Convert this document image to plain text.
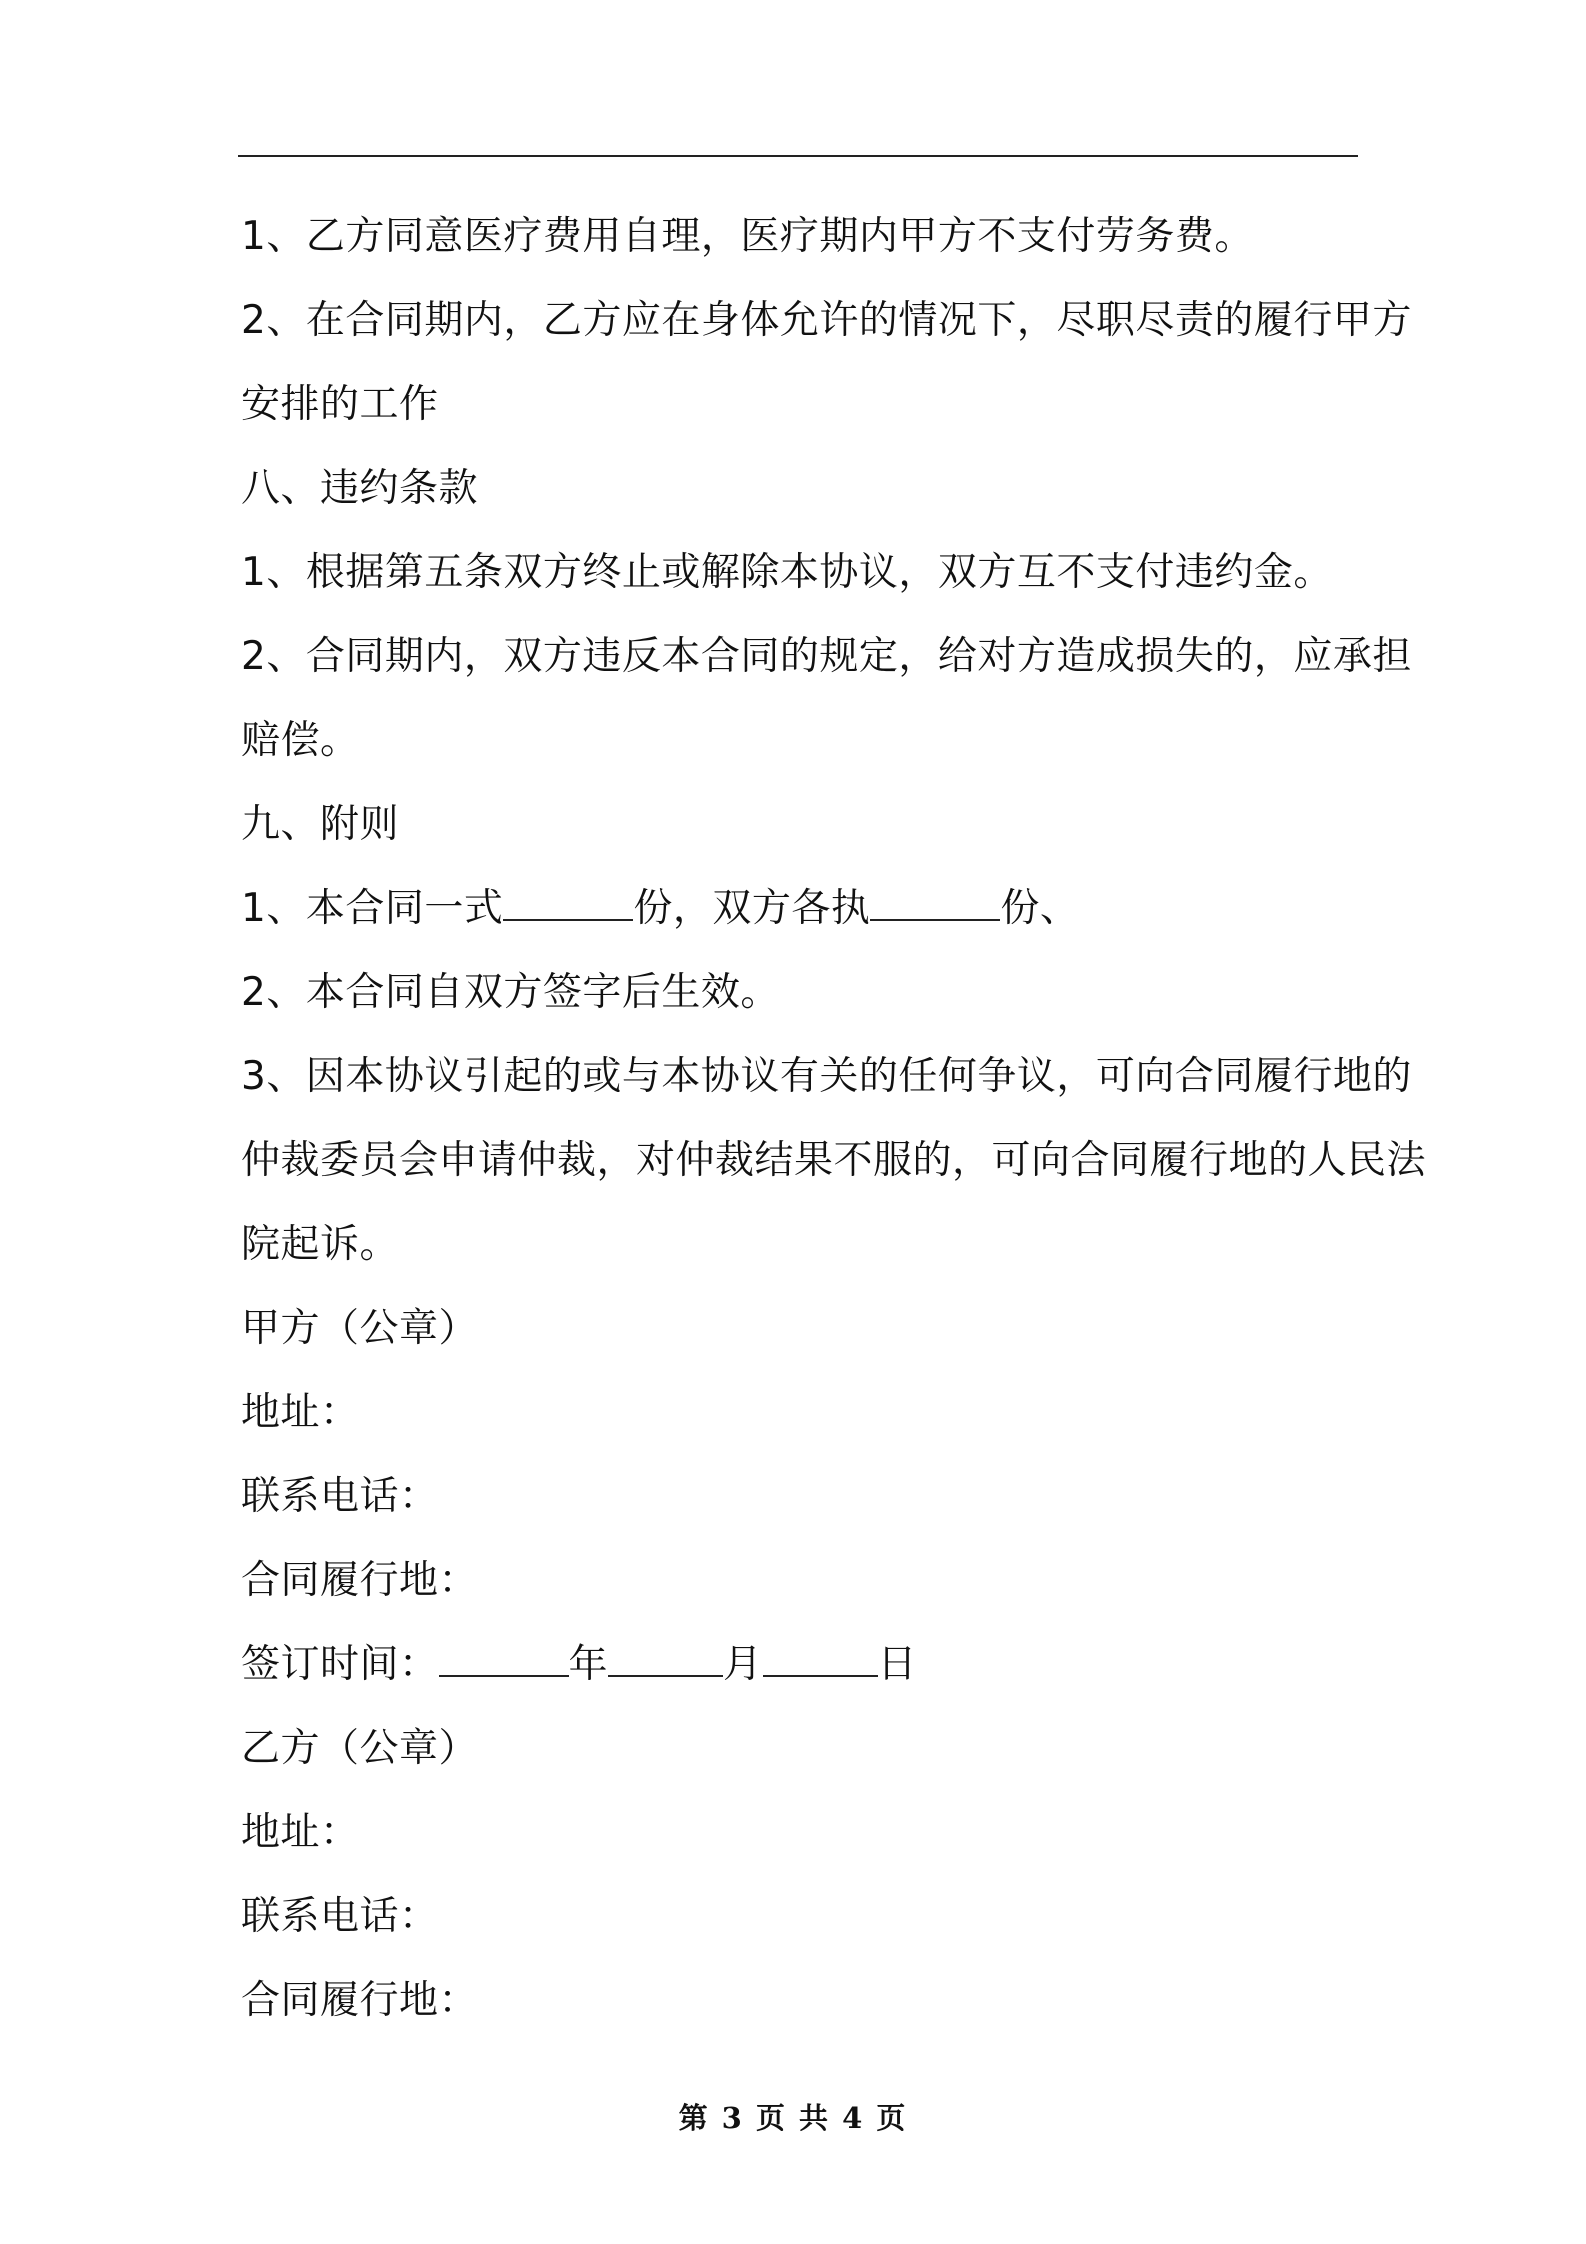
1、乙方同意医疗费用自理，医疗期内甲方不支付劳务费。
2、在合同期内，乙方应在身体允许的情况下，尽职尽责的履行甲方
安排的工作
八、违约条款
1、根据第五条双方终止或解除本协议，双方互不支付违约金。
2、合同期内，双方违反本合同的规定，给对方造成损失的，应承担
赔偿。
九、附则
1、本合同一式	份，双方各执	份、
2、本合同自双方签字后生效。
3、因本协议引起的或与本协议有关的任何争议，可向合同履行地的
仲裁委员会申请仲裁，对仲裁结果不服的，可向合同履行地的人民法
院起诉。
甲方（公章）
地址：
联系电话：
合同履行地：
签订时间：	年	月	日
乙方（公章）
地址：
联系电话：
合同履行地：
第 3 页 共 4 页
